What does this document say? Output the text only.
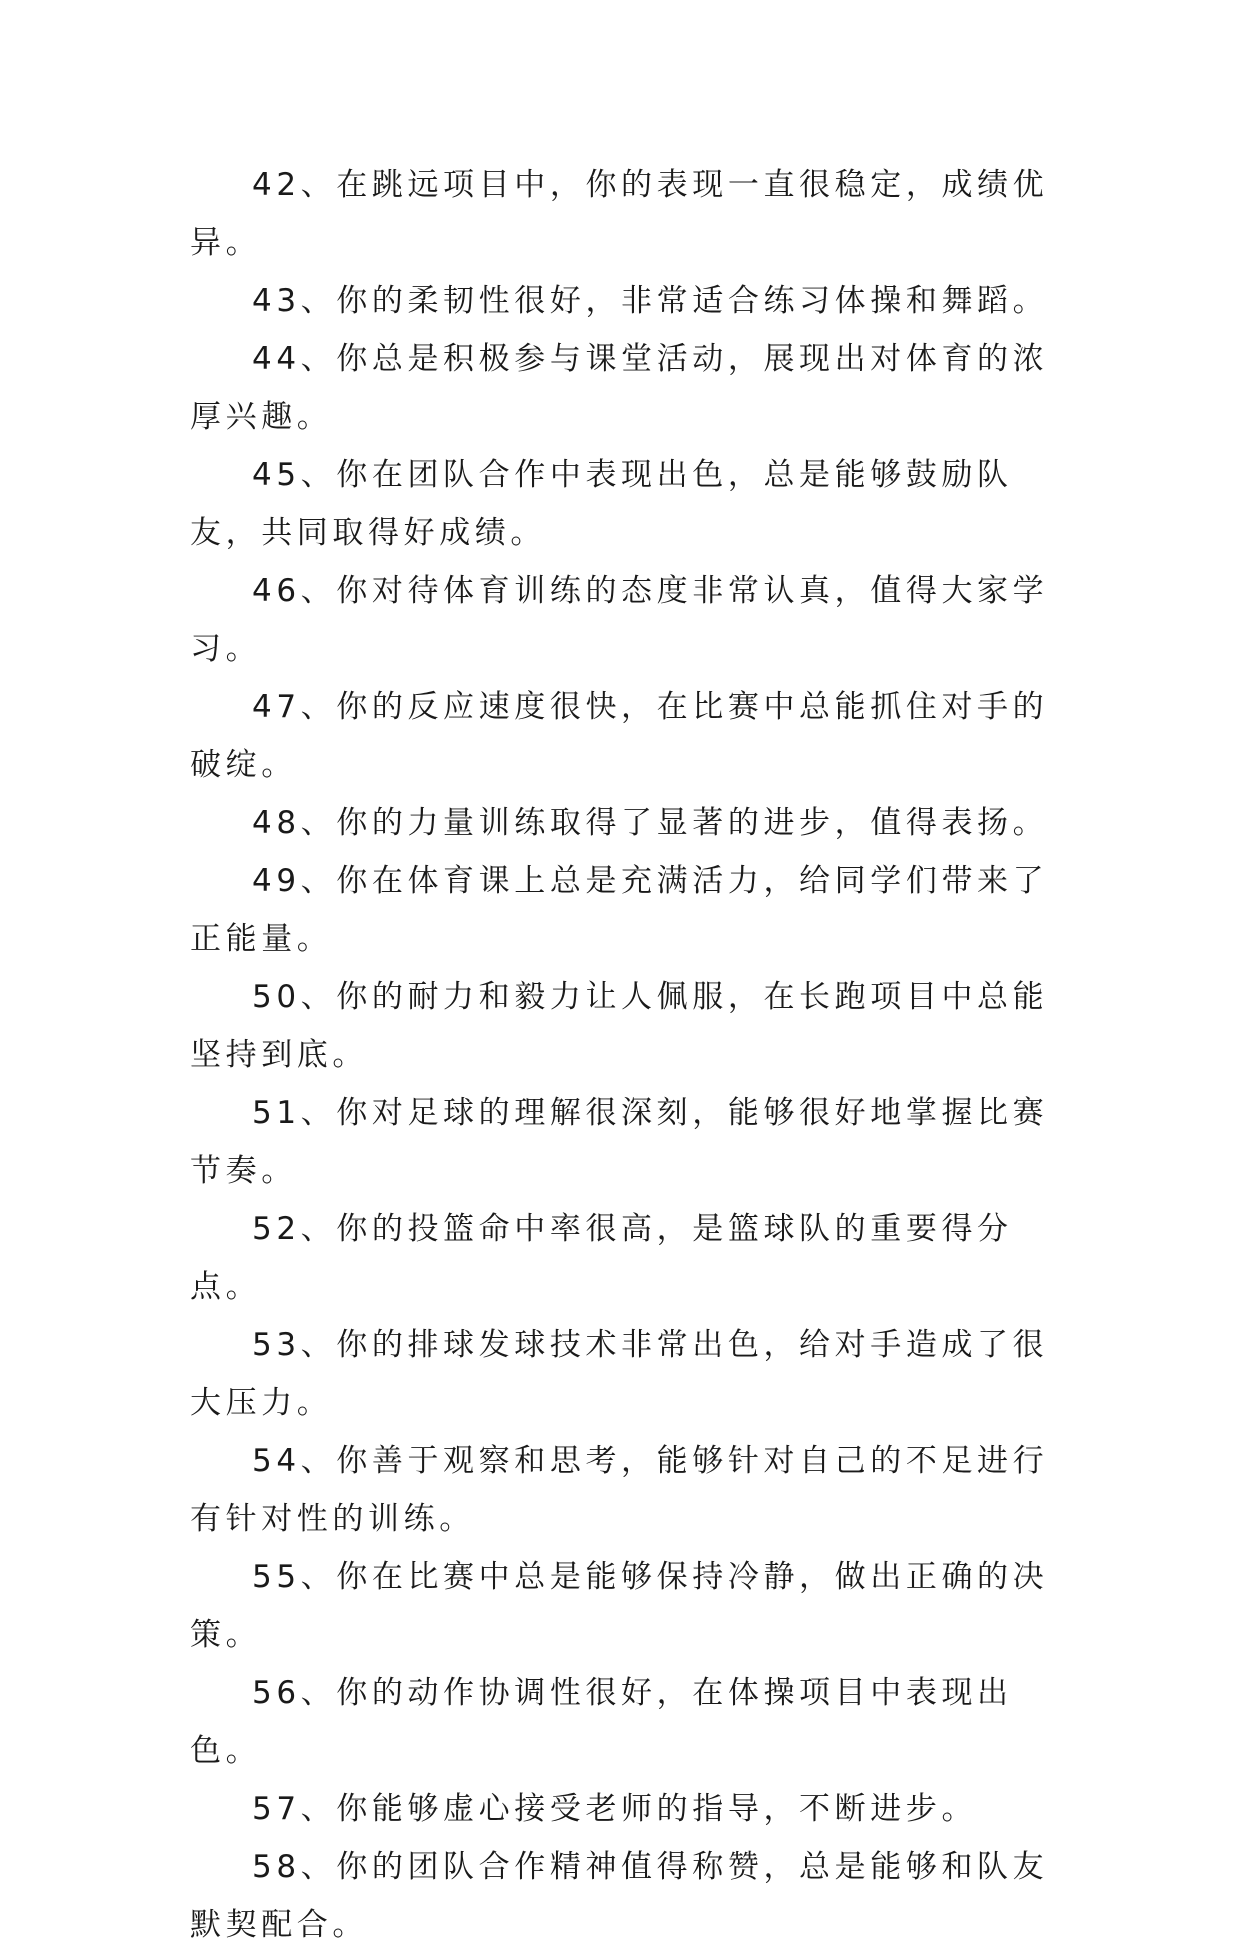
42、在跳远项目中，你的表现一直很稳定，成绩优异。

43、你的柔韧性很好，非常适合练习体操和舞蹈。

44、你总是积极参与课堂活动，展现出对体育的浓厚兴趣。

45、你在团队合作中表现出色，总是能够鼓励队友，共同取得好成绩。

46、你对待体育训练的态度非常认真，值得大家学习。

47、你的反应速度很快，在比赛中总能抓住对手的破绽。

48、你的力量训练取得了显著的进步，值得表扬。

49、你在体育课上总是充满活力，给同学们带来了正能量。

50、你的耐力和毅力让人佩服，在长跑项目中总能坚持到底。

51、你对足球的理解很深刻，能够很好地掌握比赛节奏。

52、你的投篮命中率很高，是篮球队的重要得分点。

53、你的排球发球技术非常出色，给对手造成了很大压力。

54、你善于观察和思考，能够针对自己的不足进行有针对性的训练。

55、你在比赛中总是能够保持冷静，做出正确的决策。

56、你的动作协调性很好，在体操项目中表现出色。

57、你能够虚心接受老师的指导，不断进步。

58、你的团队合作精神值得称赞，总是能够和队友默契配合。
